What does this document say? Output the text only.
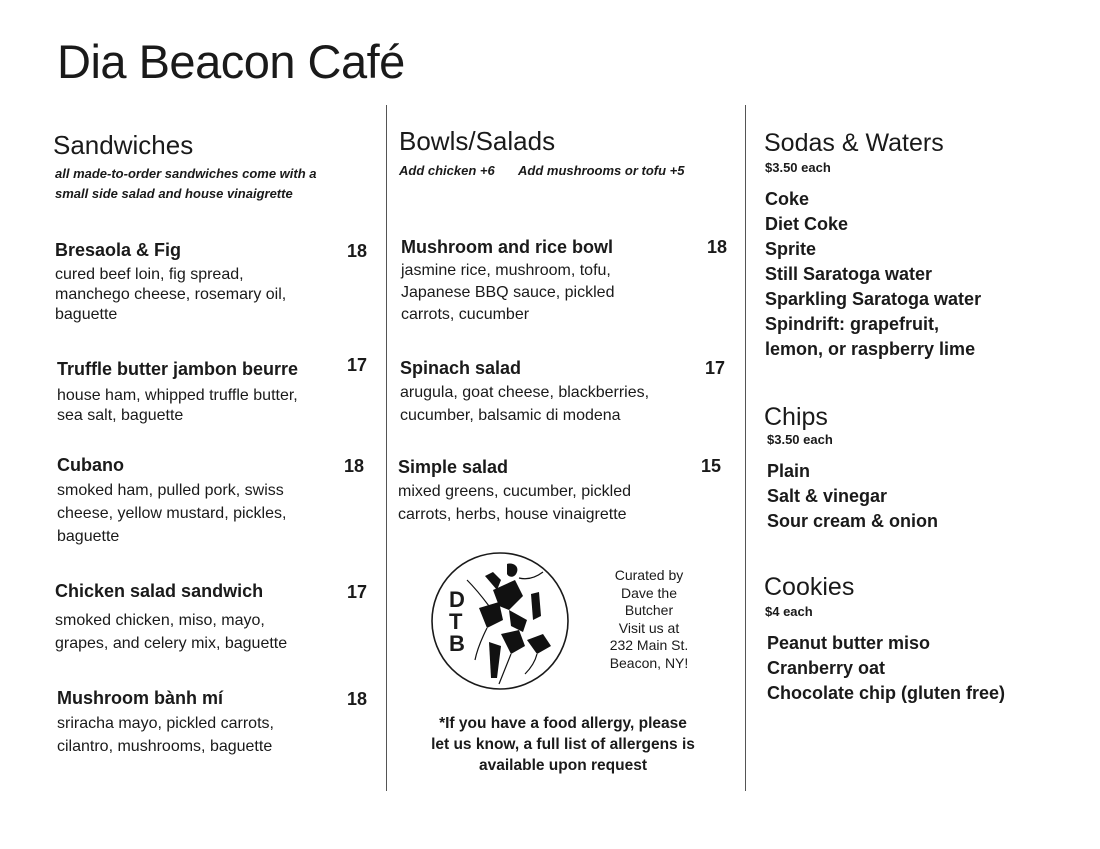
Dia Beacon Café
Sandwiches
all made-to-order sandwiches come with a
small side salad and house vinaigrette
Bresaola & Fig	18
cured beef loin, fig spread,
manchego cheese, rosemary oil,
baguette
Truffle butter jambon beurre	17
house ham, whipped truffle butter,
sea salt, baguette
Cubano	18
smoked ham, pulled pork, swiss
cheese, yellow mustard, pickles,
baguette
Chicken salad sandwich	17
smoked chicken, miso, mayo,
grapes, and celery mix, baguette
Mushroom bành mí	18
sriracha mayo, pickled carrots,
cilantro, mushrooms, baguette
Bowls/Salads
Add chicken +6 Add mushrooms or tofu +5
Mushroom and rice bowl	18
jasmine rice, mushroom, tofu,
Japanese BBQ sauce, pickled
carrots, cucumber
Spinach salad	17
arugula, goat cheese, blackberries,
cucumber, balsamic di modena
Simple salad	15
mixed greens, cucumber, pickled
carrots, herbs, house vinaigrette
D
T
B
Curated by
Dave the
Butcher
Visit us at
232 Main St.
Beacon, NY!
*If you have a food allergy, please
let us know, a full list of allergens is
available upon request
Sodas & Waters
$3.50 each
Coke
Diet Coke
Sprite
Still Saratoga water
Sparkling Saratoga water
Spindrift: grapefruit,
lemon, or raspberry lime
Chips
$3.50 each
Plain
Salt & vinegar
Sour cream & onion
Cookies
$4 each
Peanut butter miso
Cranberry oat
Chocolate chip (gluten free)
